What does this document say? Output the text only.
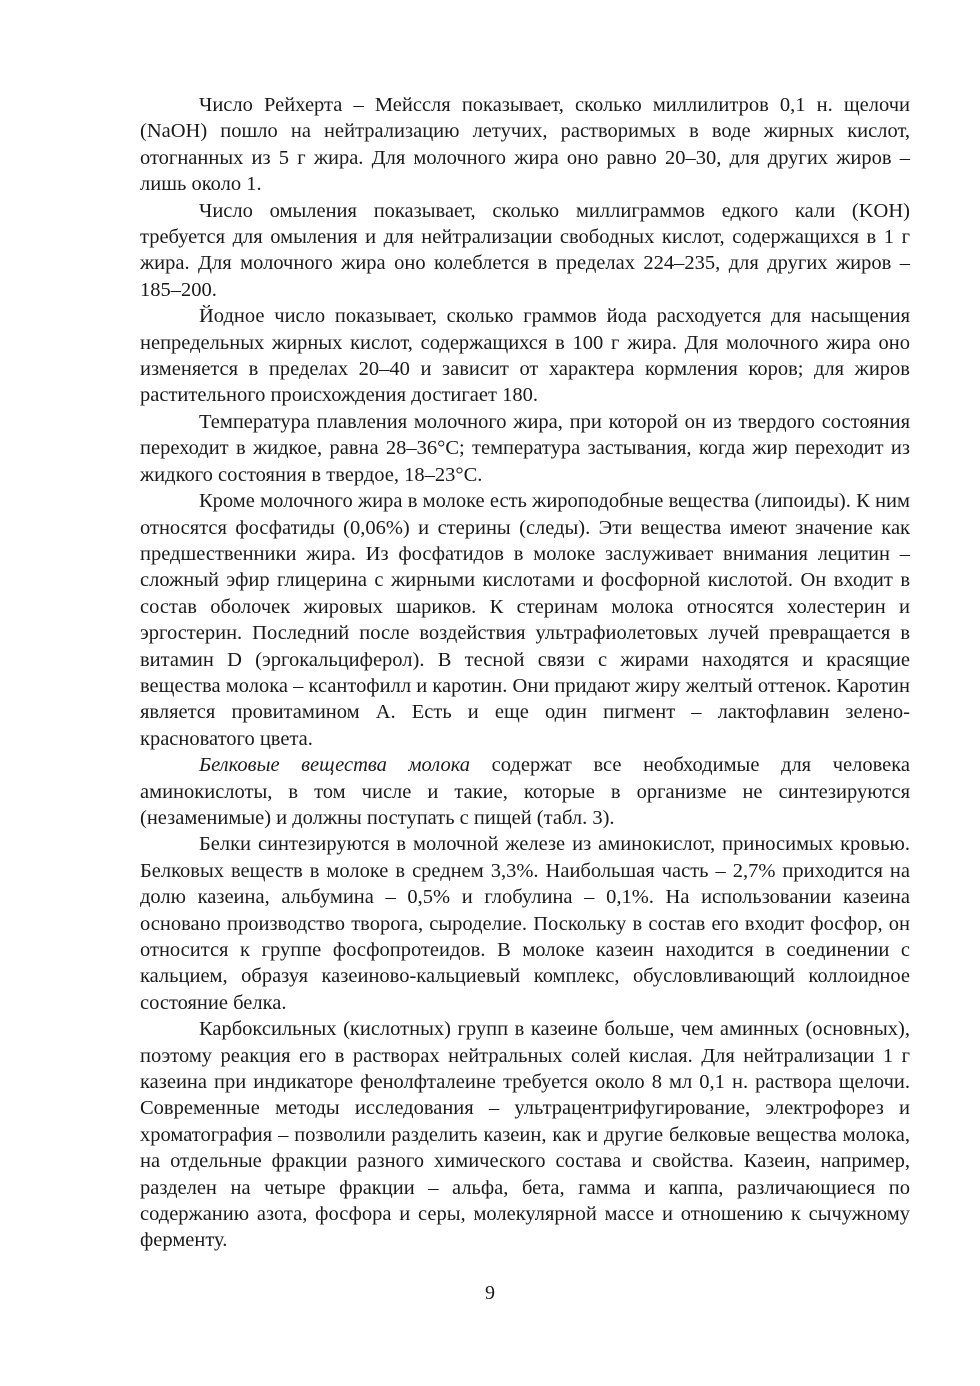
Число Рейхерта – Мейссля показывает, сколько миллилитров 0,1 н. щелочи (NaOH) пошло на нейтрализацию летучих, растворимых в воде жирных кислот, отогнанных из 5 г жира. Для молочного жира оно равно 20–30, для других жиров – лишь около 1.

Число омыления показывает, сколько миллиграммов едкого кали (KOH) требуется для омыления и для нейтрализации свободных кислот, содержащихся в 1 г жира. Для молочного жира оно колеблется в пределах 224–235, для других жиров – 185–200.

Йодное число показывает, сколько граммов йода расходуется для насыщения непредельных жирных кислот, содержащихся в 100 г жира. Для молочного жира оно изменяется в пределах 20–40 и зависит от характера кормления коров; для жиров растительного происхождения достигает 180.

Температура плавления молочного жира, при которой он из твердого состояния переходит в жидкое, равна 28–36°С; температура застывания, когда жир переходит из жидкого состояния в твердое, 18–23°С.

Кроме молочного жира в молоке есть жироподобные вещества (липоиды). К ним относятся фосфатиды (0,06%) и стерины (следы). Эти вещества имеют значение как предшественники жира. Из фосфатидов в молоке заслуживает внимания лецитин – сложный эфир глицерина с жирными кислотами и фосфорной кислотой. Он входит в состав оболочек жировых шариков. К стеринам молока относятся холестерин и эргостерин. Последний после воздействия ультрафиолетовых лучей превращается в витамин D (эргокальциферол). В тесной связи с жирами находятся и красящие вещества молока – ксантофилл и каротин. Они придают жиру желтый оттенок. Каротин является провитамином А. Есть и еще один пигмент – лактофлавин зелено-красноватого цвета.

Белковые вещества молока содержат все необходимые для человека аминокислоты, в том числе и такие, которые в организме не синтезируются (незаменимые) и должны поступать с пищей (табл. 3).

Белки синтезируются в молочной железе из аминокислот, приносимых кровью. Белковых веществ в молоке в среднем 3,3%. Наибольшая часть – 2,7% приходится на долю казеина, альбумина – 0,5% и глобулина – 0,1%. На использовании казеина основано производство творога, сыроделие. Поскольку в состав его входит фосфор, он относится к группе фосфопротеидов. В молоке казеин находится в соединении с кальцием, образуя казеиново-кальциевый комплекс, обусловливающий коллоидное состояние белка.

Карбоксильных (кислотных) групп в казеине больше, чем аминных (основных), поэтому реакция его в растворах нейтральных солей кислая. Для нейтрализации 1 г казеина при индикаторе фенолфталеине требуется около 8 мл 0,1 н. раствора щелочи. Современные методы исследования – ультрацентрифугирование, электрофорез и хроматография – позволили разделить казеин, как и другие белковые вещества молока, на отдельные фракции разного химического состава и свойства. Казеин, например, разделен на четыре фракции – альфа, бета, гамма и каппа, различающиеся по содержанию азота, фосфора и серы, молекулярной массе и отношению к сычужному ферменту.

9
